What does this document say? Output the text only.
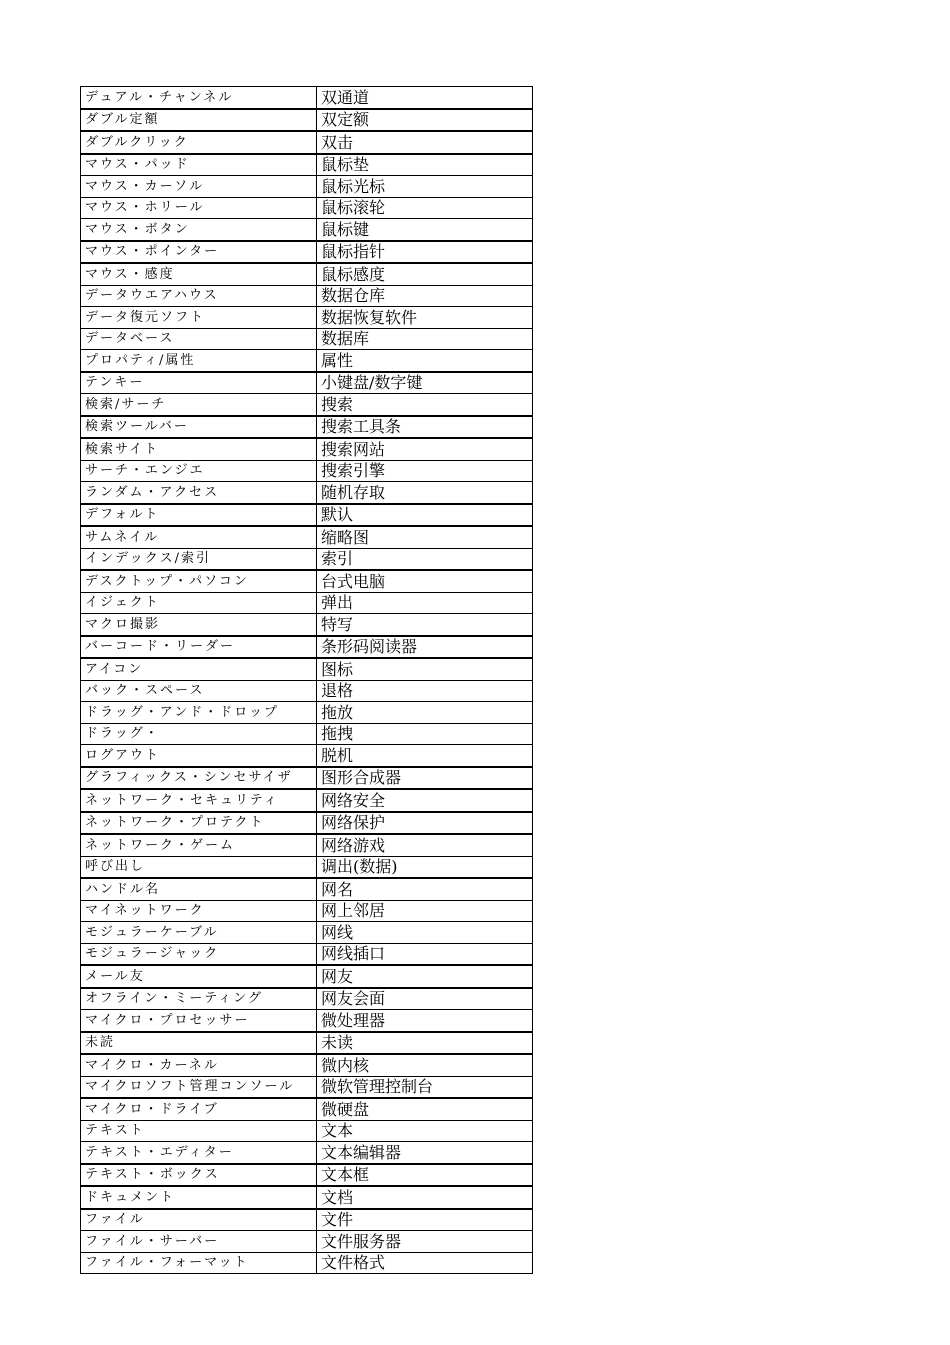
デュアル・チャンネル	双通道
ダブル定額	双定额
ダブルクリック	双击
マウス・パッド	鼠标垫
マウス・カーソル	鼠标光标
マウス・ホリール	鼠标滚轮
マウス・ボタン	鼠标键
マウス・ポインター	鼠标指针
マウス・感度	鼠标感度
データウエアハウス	数据仓库
データ復元ソフト	数据恢复软件
データベース	数据库
プロパティ/属性	属性
テンキー	小键盘/数字键
検索/サーチ	搜索
検索ツールバー	搜索工具条
検索サイト	搜索网站
サーチ・エンジエ	搜索引擎
ランダム・アクセス	随机存取
デフォルト	默认
サムネイル	缩略图
インデックス/索引	索引
デスクトップ・パソコン	台式电脑
イジェクト	弹出
マクロ撮影	特写
バーコード・リーダー	条形码阅读器
アイコン	图标
バック・スペース	退格
ドラッグ・アンド・ドロップ	拖放
ドラッグ・	拖拽
ログアウト	脱机
グラフィックス・シンセサイザ	图形合成器
ネットワーク・セキュリティ	网络安全
ネットワーク・プロテクト	网络保护
ネットワーク・ゲーム	网络游戏
呼び出し	调出(数据)
ハンドル名	网名
マイネットワーク	网上邻居
モジュラーケーブル	网线
モジュラージャック	网线插口
メール友	网友
オフライン・ミーティング	网友会面
マイクロ・プロセッサー	微处理器
未読	未读
マイクロ・カーネル	微内核
マイクロソフト管理コンソール	微软管理控制台
マイクロ・ドライブ	微硬盘
テキスト	文本
テキスト・エディター	文本编辑器
テキスト・ボックス	文本框
ドキュメント	文档
ファイル	文件
ファイル・サーバー	文件服务器
ファイル・フォーマット	文件格式
